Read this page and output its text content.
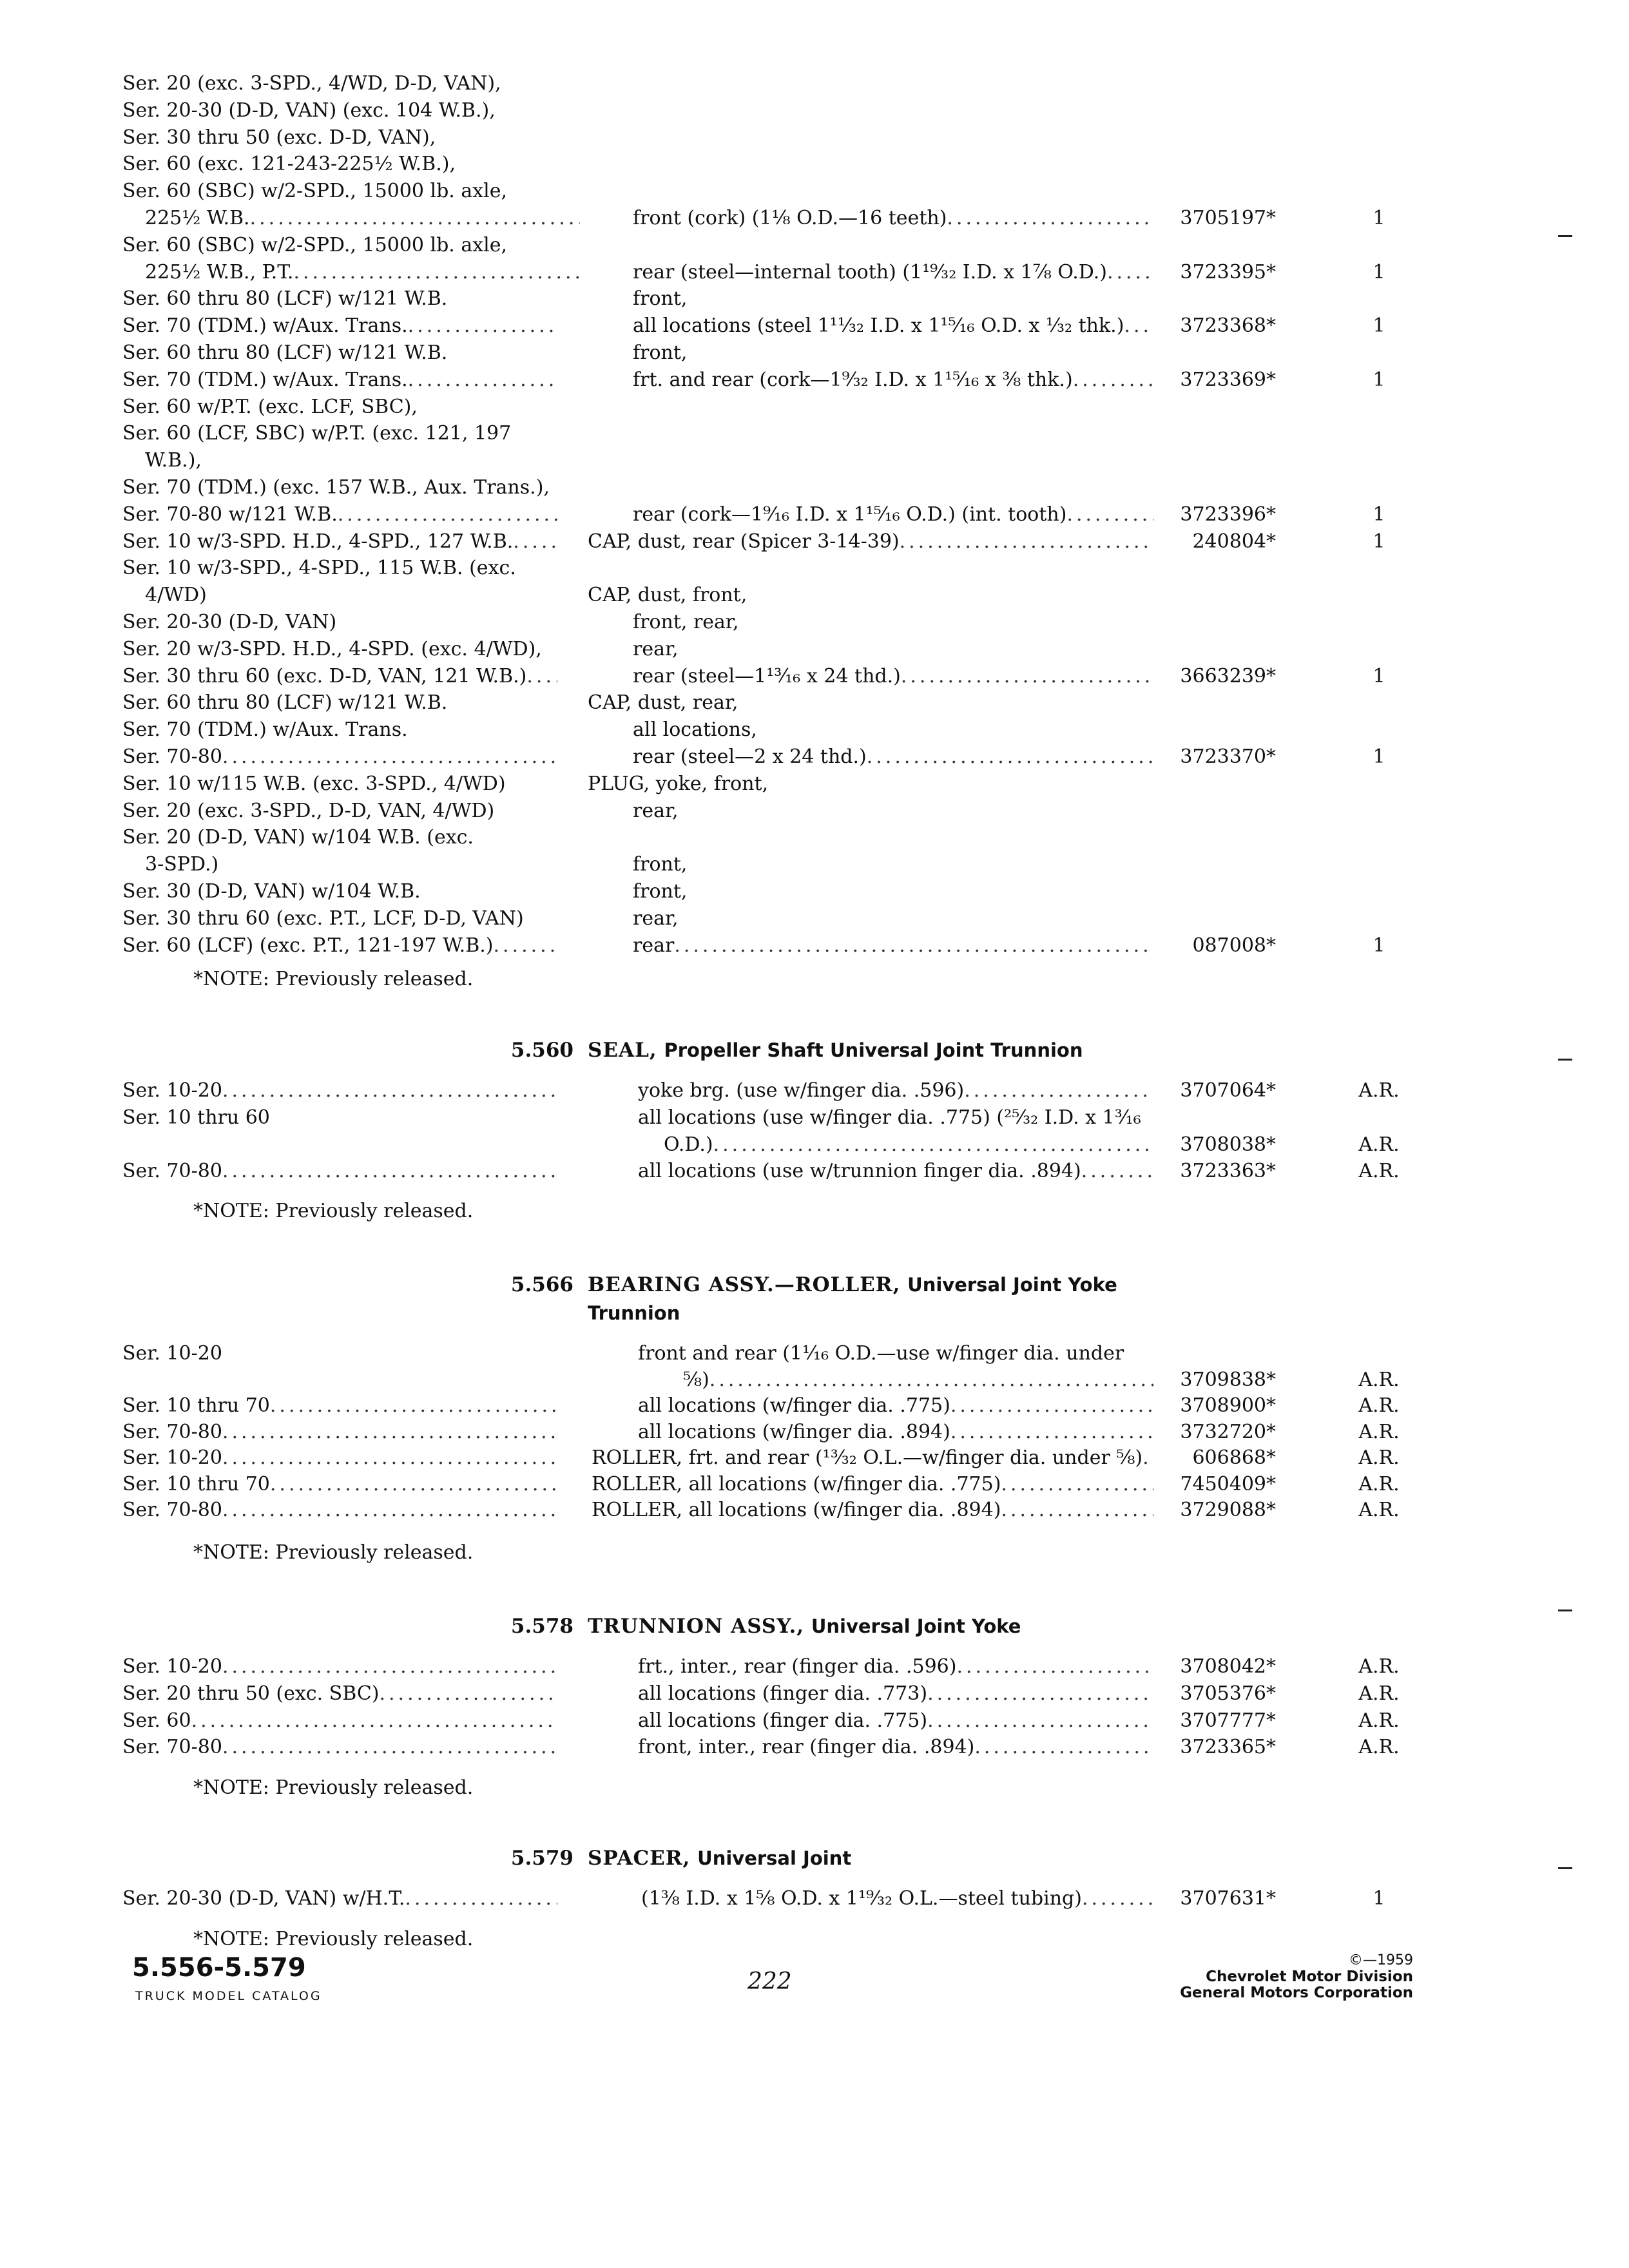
Ser. 20 (exc. 3-SPD., 4/WD, D-D, VAN),
Ser. 20-30 (D-D, VAN) (exc. 104 W.B.),
Ser. 30 thru 50 (exc. D-D, VAN),
Ser. 60 (exc. 121-243-225½ W.B.),
Ser. 60 (SBC) w/2-SPD., 15000 lb. axle,
225½ W.B. .....	front (cork) (1⅛ O.D.—16 teeth) .....	3705197*	1
Ser. 60 (SBC) w/2-SPD., 15000 lb. axle,
225½ W.B., P.T. .....	rear (steel—internal tooth) (1¹⁹⁄₃₂ I.D. x 1⅞ O.D.) .....	3723395*	1
Ser. 60 thru 80 (LCF) w/121 W.B.	front,
Ser. 70 (TDM.) w/Aux. Trans. .....	all locations (steel 1¹¹⁄₃₂ I.D. x 1¹⁵⁄₁₆ O.D. x ¹⁄₃₂ thk.) .....	3723368*	1
Ser. 60 thru 80 (LCF) w/121 W.B.	front,
Ser. 70 (TDM.) w/Aux. Trans. .....	frt. and rear (cork—1⁹⁄₃₂ I.D. x 1¹⁵⁄₁₆ x ⅜ thk.) .....	3723369*	1
Ser. 60 w/P.T. (exc. LCF, SBC),
Ser. 60 (LCF, SBC) w/P.T. (exc. 121, 197
W.B.),
Ser. 70 (TDM.) (exc. 157 W.B., Aux. Trans.),
Ser. 70-80 w/121 W.B. .....	rear (cork—1⁹⁄₁₆ I.D. x 1¹⁵⁄₁₆ O.D.) (int. tooth) .....	3723396*	1
Ser. 10 w/3-SPD. H.D., 4-SPD., 127 W.B. .....	CAP, dust, rear (Spicer 3-14-39) .....	240804*	1
Ser. 10 w/3-SPD., 4-SPD., 115 W.B. (exc.
4/WD)	CAP, dust, front,
Ser. 20-30 (D-D, VAN)	front, rear,
Ser. 20 w/3-SPD. H.D., 4-SPD. (exc. 4/WD),	rear,
Ser. 30 thru 60 (exc. D-D, VAN, 121 W.B.) .....	rear (steel—1¹³⁄₁₆ x 24 thd.) .....	3663239*	1
Ser. 60 thru 80 (LCF) w/121 W.B.	CAP, dust, rear,
Ser. 70 (TDM.) w/Aux. Trans.	all locations,
Ser. 70-80 .....	rear (steel—2 x 24 thd.) .....	3723370*	1
Ser. 10 w/115 W.B. (exc. 3-SPD., 4/WD)	PLUG, yoke, front,
Ser. 20 (exc. 3-SPD., D-D, VAN, 4/WD)	rear,
Ser. 20 (D-D, VAN) w/104 W.B. (exc.
3-SPD.)	front,
Ser. 30 (D-D, VAN) w/104 W.B.	front,
Ser. 30 thru 60 (exc. P.T., LCF, D-D, VAN)	rear,
Ser. 60 (LCF) (exc. P.T., 121-197 W.B.) .....	rear .....	087008*	1
*NOTE: Previously released.
5.560 SEAL, Propeller Shaft Universal Joint Trunnion
Ser. 10-20 .....	yoke brg. (use w/finger dia. .596) .....	3707064*	A.R.
Ser. 10 thru 60	all locations (use w/finger dia. .775) (²⁵⁄₃₂ I.D. x 1³⁄₁₆
O.D.) .....	3708038*	A.R.
Ser. 70-80 .....	all locations (use w/trunnion finger dia. .894) .....	3723363*	A.R.
*NOTE: Previously released.
5.566 BEARING ASSY.—ROLLER, Universal Joint Yoke Trunnion
Ser. 10-20	front and rear (1¹⁄₁₆ O.D.—use w/finger dia. under
⅝) .....	3709838*	A.R.
Ser. 10 thru 70 .....	all locations (w/finger dia. .775) .....	3708900*	A.R.
Ser. 70-80 .....	all locations (w/finger dia. .894) .....	3732720*	A.R.
Ser. 10-20 .....	ROLLER, frt. and rear (¹³⁄₃₂ O.L.—w/finger dia. under ⅝) .....	606868*	A.R.
Ser. 10 thru 70 .....	ROLLER, all locations (w/finger dia. .775) .....	7450409*	A.R.
Ser. 70-80 .....	ROLLER, all locations (w/finger dia. .894) .....	3729088*	A.R.
*NOTE: Previously released.
5.578 TRUNNION ASSY., Universal Joint Yoke
Ser. 10-20 .....	frt., inter., rear (finger dia. .596) .....	3708042*	A.R.
Ser. 20 thru 50 (exc. SBC) .....	all locations (finger dia. .773) .....	3705376*	A.R.
Ser. 60 .....	all locations (finger dia. .775) .....	3707777*	A.R.
Ser. 70-80 .....	front, inter., rear (finger dia. .894) .....	3723365*	A.R.
*NOTE: Previously released.
5.579 SPACER, Universal Joint
Ser. 20-30 (D-D, VAN) w/H.T. .....	(1⅜ I.D. x 1⅝ O.D. x 1¹⁹⁄₃₂ O.L.—steel tubing) .....	3707631*	1
*NOTE: Previously released.
5.556-5.579
TRUCK MODEL CATALOG
222
©—1959
Chevrolet Motor Division
General Motors Corporation
